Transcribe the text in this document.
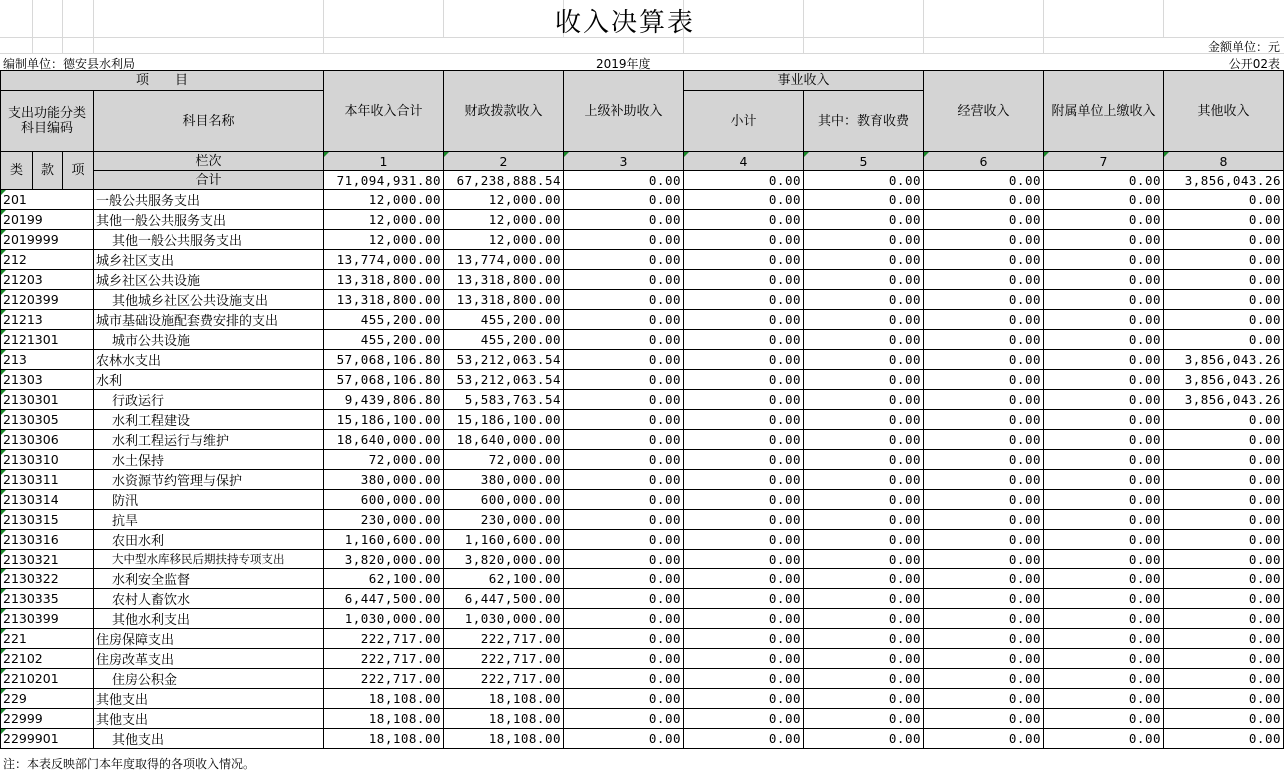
收入决算表
金额单位：元
编制单位：德安县水利局	2019年度	公开02表
项　　目				本年收入合计	财政拨款收入	上级补助收入	事业收入		经营收入	附属单位上缴收入	其他收入
支出功能分类科目编码			科目名称				小计	其中：教育收费			
类	款	项	栏次	1	2	3	4	5	6	7	8
			合计	71,094,931.80	67,238,888.54	0.00	0.00	0.00	0.00	0.00	3,856,043.26
201			一般公共服务支出	12,000.00	12,000.00	0.00	0.00	0.00	0.00	0.00	0.00
20199			其他一般公共服务支出	12,000.00	12,000.00	0.00	0.00	0.00	0.00	0.00	0.00
2019999			其他一般公共服务支出	12,000.00	12,000.00	0.00	0.00	0.00	0.00	0.00	0.00
212			城乡社区支出	13,774,000.00	13,774,000.00	0.00	0.00	0.00	0.00	0.00	0.00
21203			城乡社区公共设施	13,318,800.00	13,318,800.00	0.00	0.00	0.00	0.00	0.00	0.00
2120399			其他城乡社区公共设施支出	13,318,800.00	13,318,800.00	0.00	0.00	0.00	0.00	0.00	0.00
21213			城市基础设施配套费安排的支出	455,200.00	455,200.00	0.00	0.00	0.00	0.00	0.00	0.00
2121301			城市公共设施	455,200.00	455,200.00	0.00	0.00	0.00	0.00	0.00	0.00
213			农林水支出	57,068,106.80	53,212,063.54	0.00	0.00	0.00	0.00	0.00	3,856,043.26
21303			水利	57,068,106.80	53,212,063.54	0.00	0.00	0.00	0.00	0.00	3,856,043.26
2130301			行政运行	9,439,806.80	5,583,763.54	0.00	0.00	0.00	0.00	0.00	3,856,043.26
2130305			水利工程建设	15,186,100.00	15,186,100.00	0.00	0.00	0.00	0.00	0.00	0.00
2130306			水利工程运行与维护	18,640,000.00	18,640,000.00	0.00	0.00	0.00	0.00	0.00	0.00
2130310			水土保持	72,000.00	72,000.00	0.00	0.00	0.00	0.00	0.00	0.00
2130311			水资源节约管理与保护	380,000.00	380,000.00	0.00	0.00	0.00	0.00	0.00	0.00
2130314			防汛	600,000.00	600,000.00	0.00	0.00	0.00	0.00	0.00	0.00
2130315			抗旱	230,000.00	230,000.00	0.00	0.00	0.00	0.00	0.00	0.00
2130316			农田水利	1,160,600.00	1,160,600.00	0.00	0.00	0.00	0.00	0.00	0.00
2130321			大中型水库移民后期扶持专项支出	3,820,000.00	3,820,000.00	0.00	0.00	0.00	0.00	0.00	0.00
2130322			水利安全监督	62,100.00	62,100.00	0.00	0.00	0.00	0.00	0.00	0.00
2130335			农村人畜饮水	6,447,500.00	6,447,500.00	0.00	0.00	0.00	0.00	0.00	0.00
2130399			其他水利支出	1,030,000.00	1,030,000.00	0.00	0.00	0.00	0.00	0.00	0.00
221			住房保障支出	222,717.00	222,717.00	0.00	0.00	0.00	0.00	0.00	0.00
22102			住房改革支出	222,717.00	222,717.00	0.00	0.00	0.00	0.00	0.00	0.00
2210201			住房公积金	222,717.00	222,717.00	0.00	0.00	0.00	0.00	0.00	0.00
229			其他支出	18,108.00	18,108.00	0.00	0.00	0.00	0.00	0.00	0.00
22999			其他支出	18,108.00	18,108.00	0.00	0.00	0.00	0.00	0.00	0.00
2299901			其他支出	18,108.00	18,108.00	0.00	0.00	0.00	0.00	0.00	0.00
注：本表反映部门本年度取得的各项收入情况。
